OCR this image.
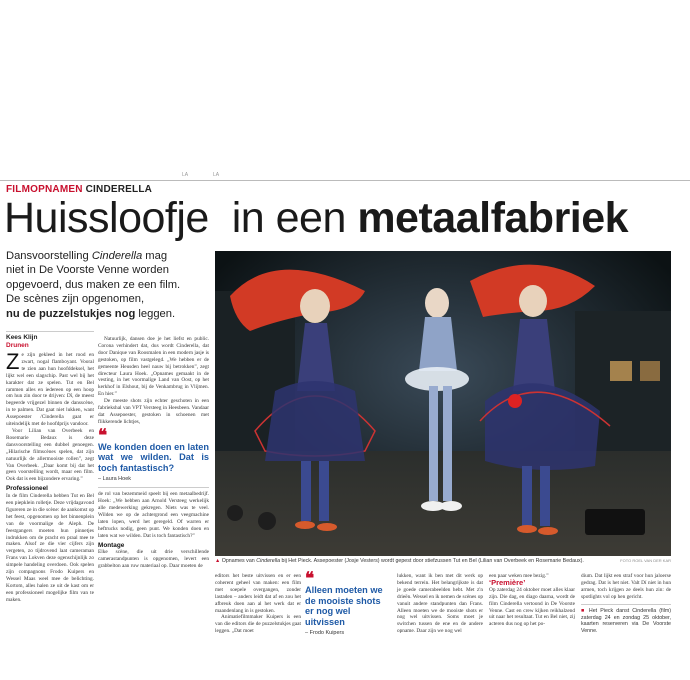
LA	LA
FILMOPNAMEN CINDERELLA
Huissloofje  in een metaalfabriek
Dansvoorstelling Cinderella mag
niet in De Voorste Venne worden
opgevoerd, dus maken ze een film.
De scènes zijn opgenomen,
nu de puzzelstukjes nog leggen.
Kees Klijn
Drunen

Ze zijn gekleed in het rood en zwart, nogal flamboyant. Vooral te zien aan hun hoofddeksel, het lijkt wel een slagschip. Past wel bij het karakter dat ze spelen. Tut en Bel rammen alles en iedereen op een hoop om hun zin door te drijven: Dî, de meest begeerde vrijgezel binnen de dansscène, in te palmen. Dat gaat niet lukken, want Assepoester /Cinderella gaat er uiteindelijk met de hoofdprijs vandoor.

Voor Lilian van Overbeek en Rosemarie Bedaux is deze dansvoorstelling een dubbel genoegen. „Hilarische filmscènes spelen, dat zijn natuurlijk de allermooiste rollen”, zegt Van Overbeek. „Daar komt bij dat het geen voorstelling wordt, maar een film. Ook dat is een bijzondere ervaring.”

Professioneel

In de film Cinderella hebben Tut en Bel een piepklein rolletje. Deze vrijdagavond figureren ze in die scène: de aankomst op het feest, opgenomen op het binnenplein van de voormalige de Aleph. De feestgangers moeten hun pinnetjes indrukken om de pracht en praal mee te maken. Alsof ze die vier cijfers zijn vergeten, zo tijdrovend laat cameraman Frans van Lokven deze ogenschijnlijk zo simpele handeling overdoen. Ook spelen zijn compagnons Frodo Kuipers en Wessel Maas weel mee de belichting. Kortom, alles halen ze uit de kast om er een professioneel mogelijke film van te maken.

Natuurlijk, dansen doe je het liefst en public. Corona verhindert dat, dus wordt Cinderella, dat door Danique van Roosmalen in een modern jasje is gestoken, op film vastgelegd. „We hebben er de gemeente Heusden heel nauw bij betrokken”, zegt directeur Laura Hoek. „Opnames gemaakt in de vesting, in het voormalige Land van Oost, op het kerkhof in Elshout, bij de Venkambrug in Vlijmen. En hier.”

De meeste shots zijn echter geschoten in een fabriekshal van VPT Versteeg in Heesbeen. Vandaar dat Assepoester, gestoken in schoenen met flikkerende lichtjes,

❝
We konden doen en laten wat we wilden. Dat is toch fantastisch?
– Laura Hoek

de rol van bezemmeid speelt bij een metaalbedrijf. Hoek: „We hebben aan Arnold Versteeg werkelijk alle medewerking gekregen. Niets was te veel. Wilden we op de achtergrond een veegmachine laten lopen, werd het geregeld. Of warren er heftrucks nodig, geen punt. We konden doen en laten wat we wilden. Dat is toch fantastisch?”

Montage

Elke scène, die uit drie verschillende camerastandpunten is opgenomen, levert een grabbelton aan ruw materiaal op. Daar moeten de

▲ Opnames van Cinderella bij Het Pieck. Assepoester (Josje Vesters) wordt gepest door stiefzussen Tut en Bel (Lilian van Overbeek en Rosemarie Bedaux).	FOTO ROEL VAN DER KAR

editors het beste uitvissen en er een coherent geheel van maken: een film met soepele overgangen, zonder lastaden – anders leidt dat af en zou het afbreuk doen aan al het werk dat er maandenlang in is gestoken.

Animatiefilmmaker Kuipers is een van die editors die de puzzelstukjes gaat leggen. „Dat moet

❝
Alleen moeten we de mooiste shots er nog wel uitvissen
– Frodo Kuipers

lukken, want ik ben met dit werk op bekend terrein. Het belangrijkste is dat je goede camerabeelden hebt. Met z'n drieën. Wessel en ik nemen de scènes op vanuit andere standpunten dan Frans. Alleen moeten we de mooiste shots er nog wel uitvissen. Soms moet je switchen tussen de ene en de andere opname. Daar zijn we nog wel

een paar weken mee bezig.”

‘Première’

Op zaterdag 24 oktober moet alles klaar zijn. Die dag, en diago daarna, wordt de film Cinderella vertoond in De Voorste Venne. Cast en crew kijken reikhalzend uit naar het resultaat. Tut en Bel niet, zij acteren dus nog op het po-

dium. Dat lijkt een straf voor hun jaloerse gedrag. Dat is het niet. Valt Dí niet in hun armen, toch krijgen ze deels hun zin: de spotlights vol op hen gericht.

■ Het Pieck danst Cinderella (film) zaterdag 24 en zondag 25 oktober, kaarten reserveren via De Voorste Venne.
